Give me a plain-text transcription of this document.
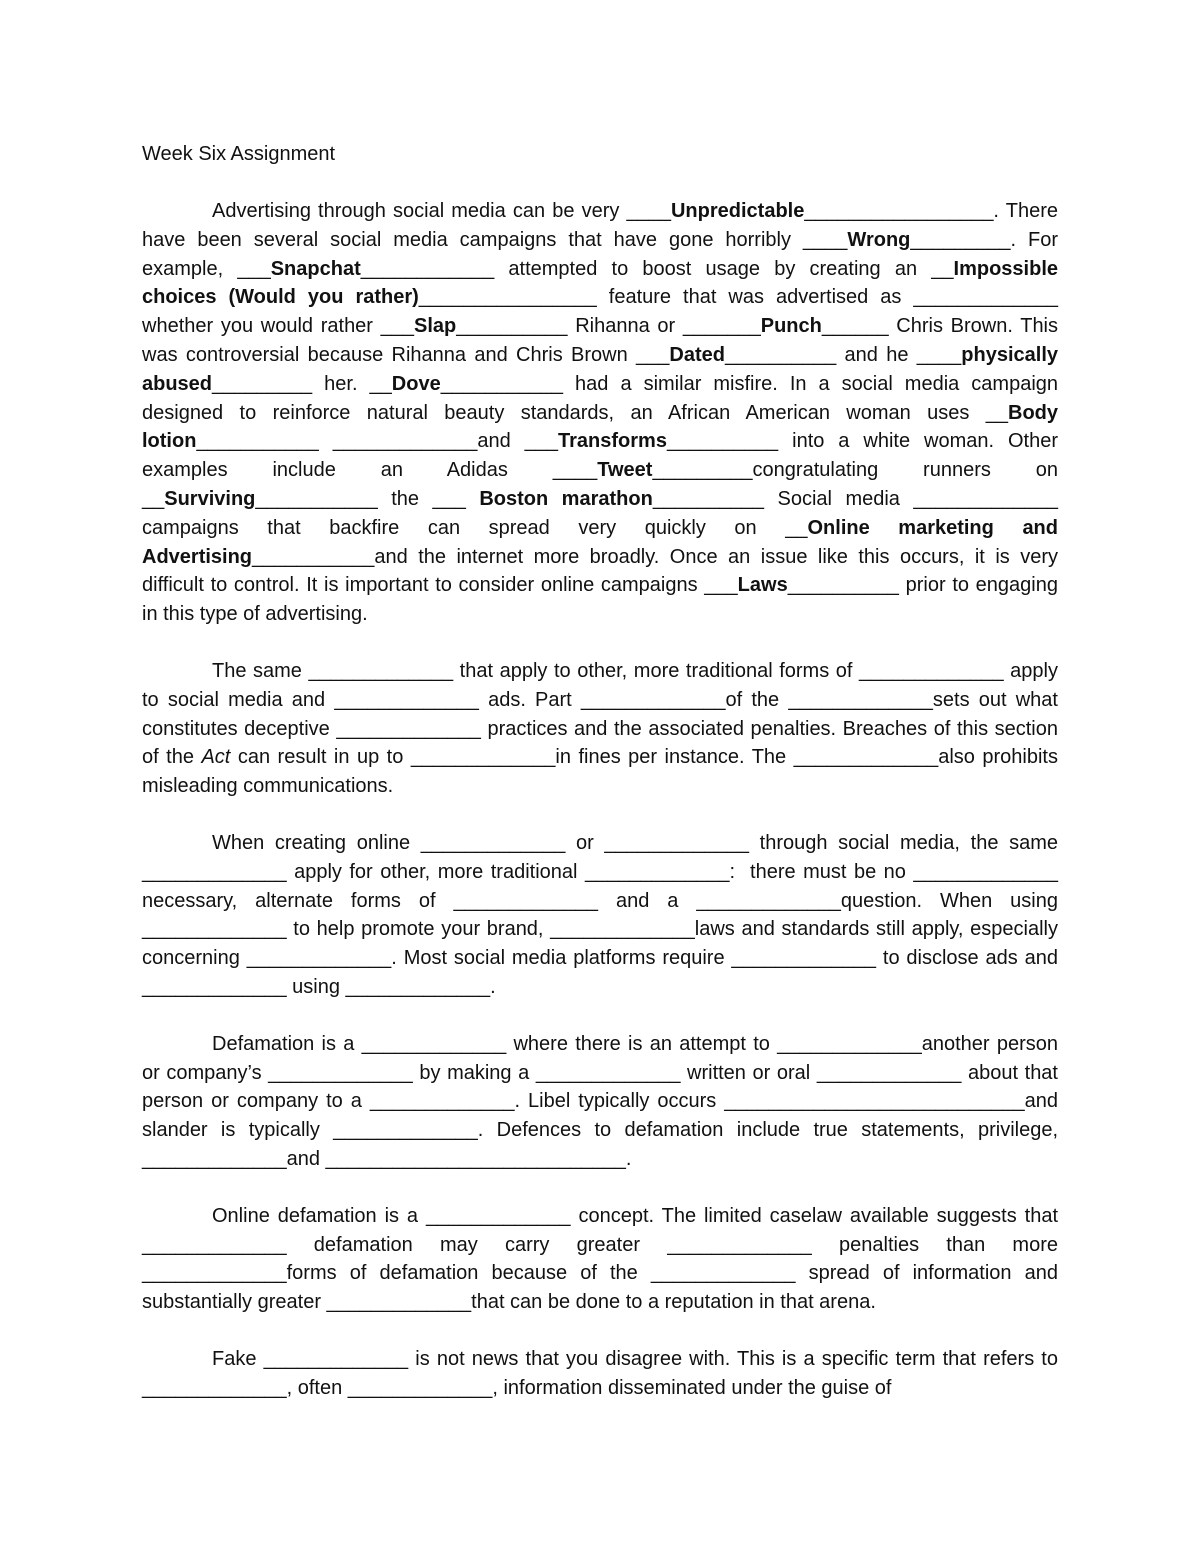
Week Six Assignment

Advertising through social media can be very ____Unpredictable_________________. There have been several social media campaigns that have gone horribly ____Wrong_________. For example, ___Snapchat____________ attempted to boost usage by creating an __Impossible choices (Would you rather)________________ feature that was advertised as _____________ whether you would rather ___Slap__________ Rihanna or _______Punch______ Chris Brown. This was controversial because Rihanna and Chris Brown ___Dated__________ and he ____physically abused_________ her. __Dove___________ had a similar misfire. In a social media campaign designed to reinforce natural beauty standards, an African American woman uses __Body lotion___________ _____________and ___Transforms__________ into a white woman. Other examples include an Adidas ____Tweet_________congratulating runners on __Surviving___________ the ___ Boston marathon__________ Social media _____________ campaigns that backfire can spread very quickly on __Online marketing and Advertising___________and the internet more broadly. Once an issue like this occurs, it is very difficult to control. It is important to consider online campaigns ___Laws__________ prior to engaging in this type of advertising.

The same _____________ that apply to other, more traditional forms of _____________ apply to social media and _____________ ads. Part _____________of the _____________sets out what constitutes deceptive _____________ practices and the associated penalties. Breaches of this section of the Act can result in up to _____________in fines per instance. The _____________also prohibits misleading communications.

When creating online _____________ or _____________ through social media, the same _____________ apply for other, more traditional _____________:  there must be no _____________ necessary, alternate forms of _____________ and a _____________question. When using _____________ to help promote your brand, _____________laws and standards still apply, especially concerning _____________. Most social media platforms require _____________ to disclose ads and _____________ using _____________.

Defamation is a _____________ where there is an attempt to _____________another person or company’s _____________ by making a _____________ written or oral _____________ about that person or company to a _____________. Libel typically occurs ___________________________and slander is typically _____________. Defences to defamation include true statements, privilege, _____________and ___________________________.

Online defamation is a _____________ concept. The limited caselaw available suggests that _____________ defamation may carry greater _____________ penalties than more _____________forms of defamation because of the _____________ spread of information and substantially greater _____________that can be done to a reputation in that arena.

Fake _____________ is not news that you disagree with. This is a specific term that refers to _____________, often _____________, information disseminated under the guise of
